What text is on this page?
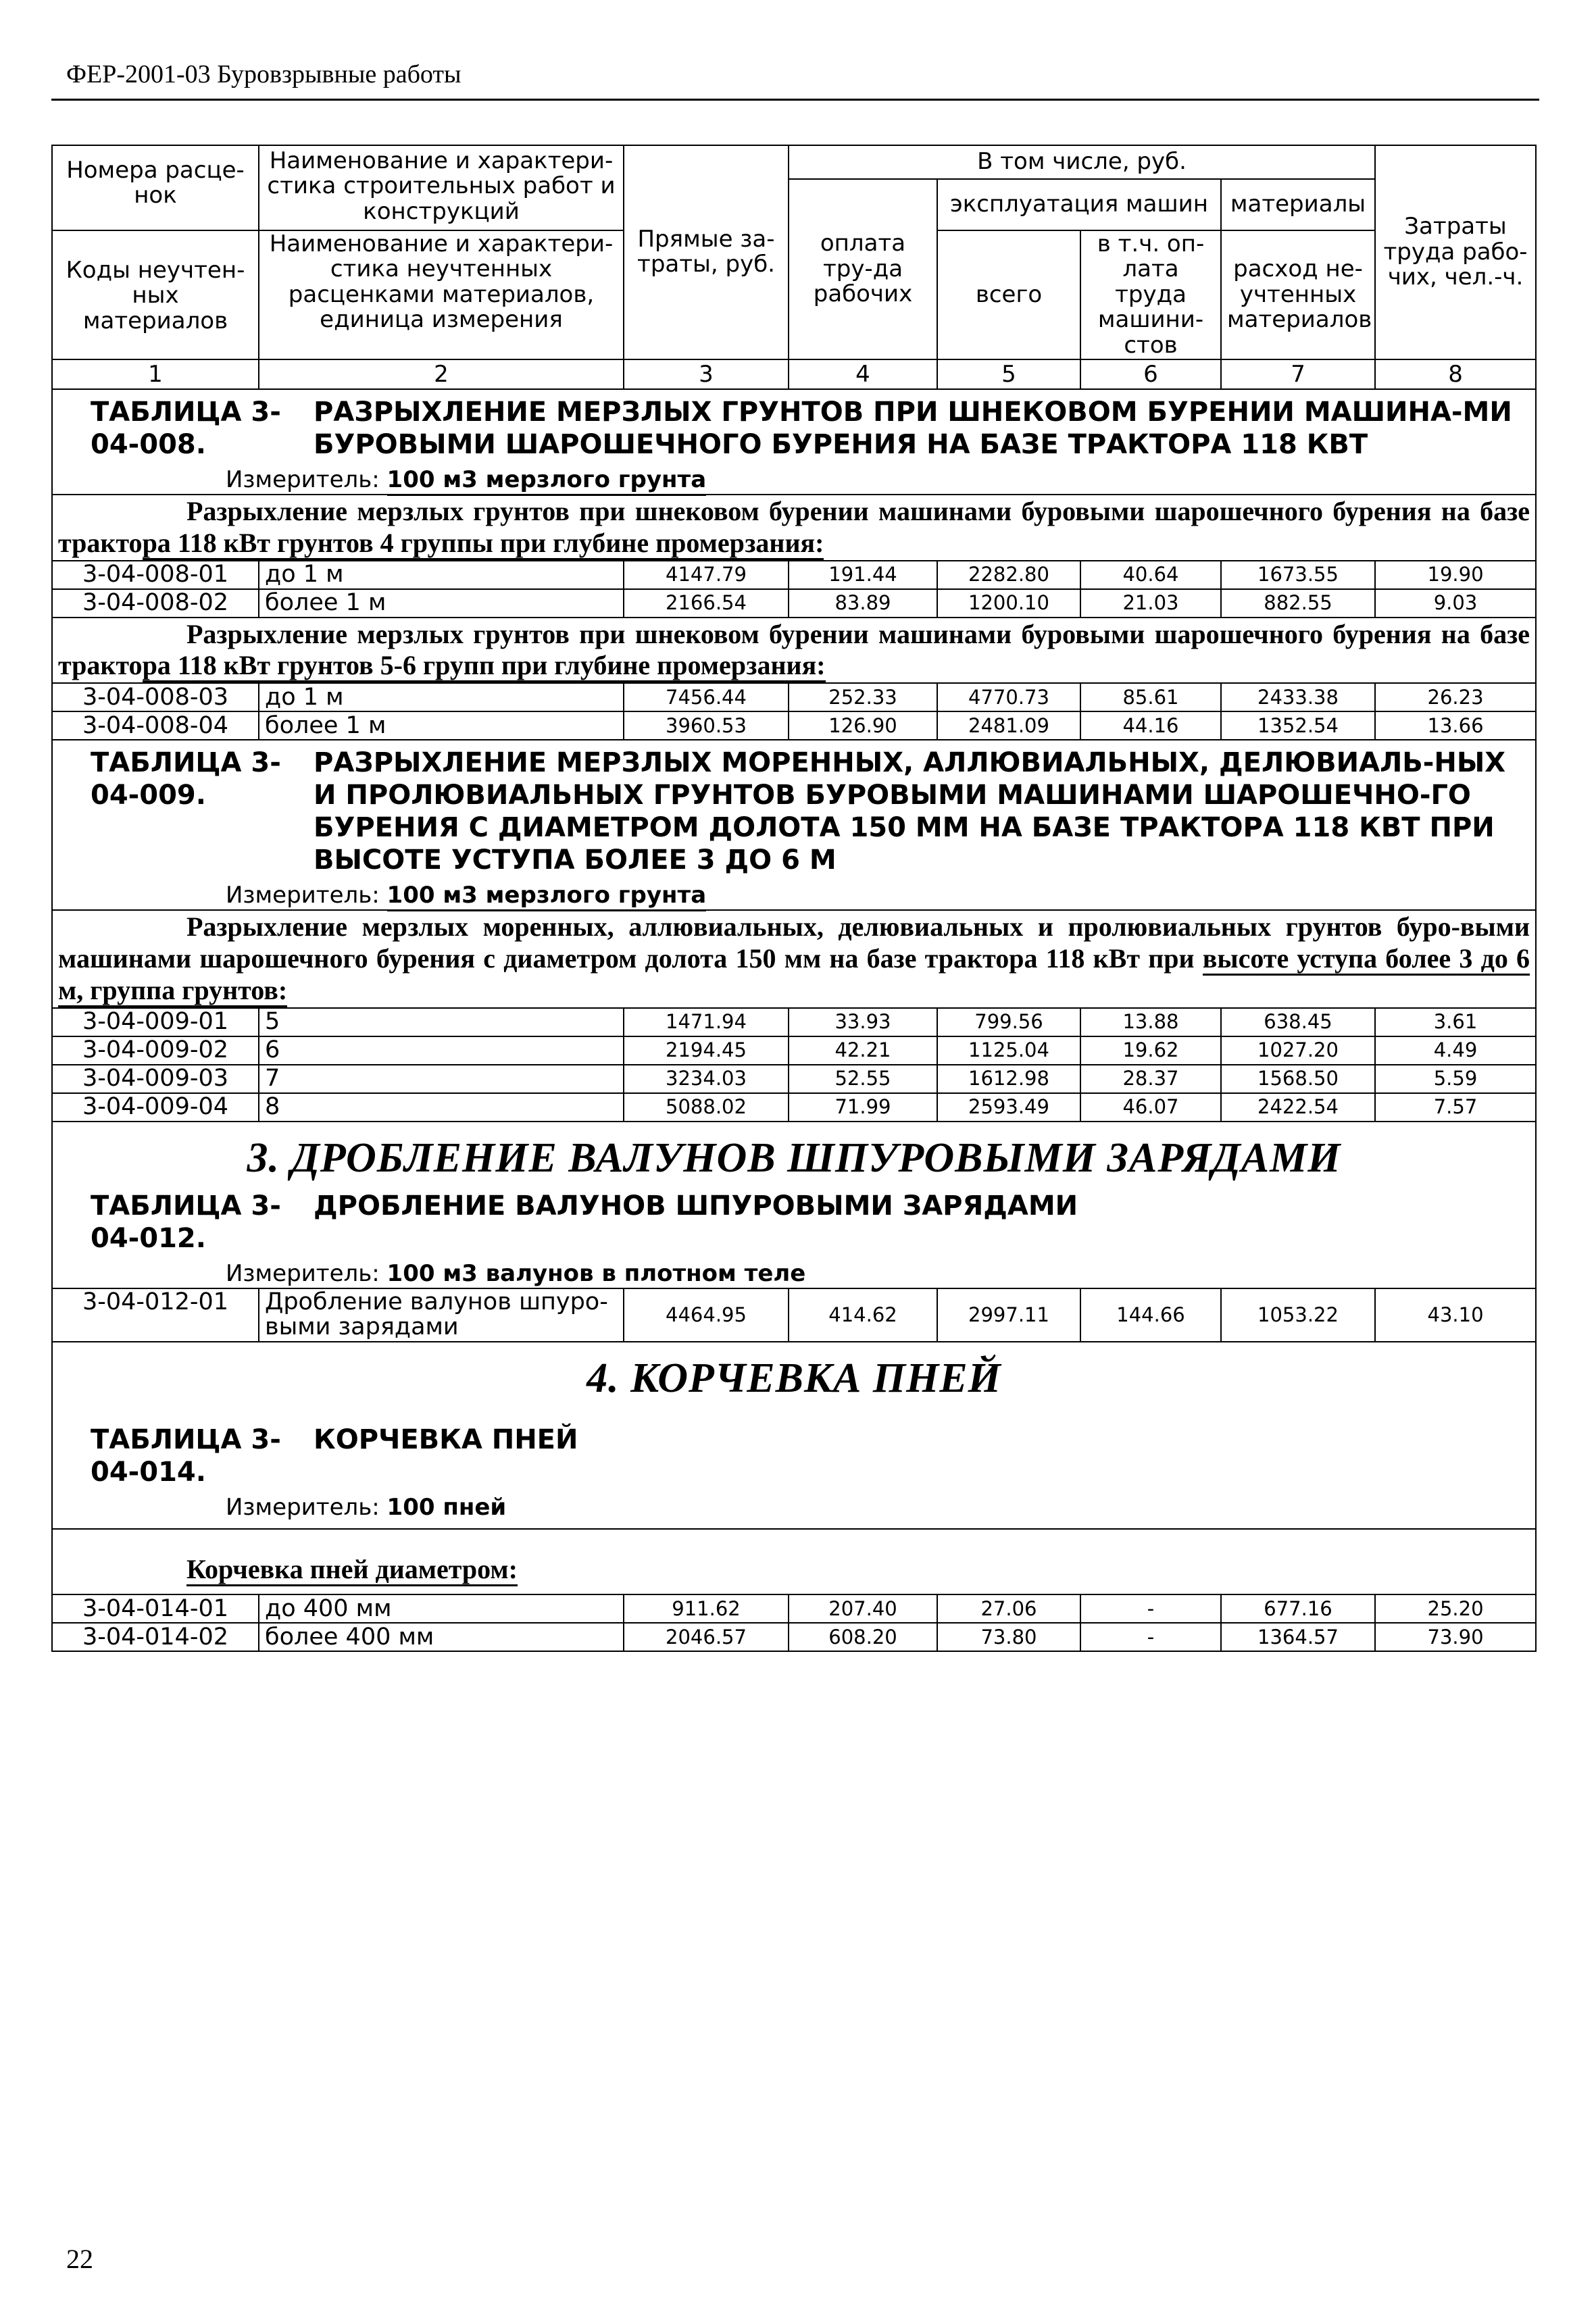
ФЕР-2001-03 Буровзрывные работы
Номера расце-нок	Наименование и характери-стика строительных работ и конструкций	Прямые за-траты, руб.	В том числе, руб.				Затраты труда рабо-чих, чел.-ч.
			оплата тру-да рабочих	эксплуатация машин		материалы	
				всего	в т.ч. оп-лата труда машини-стов	расход не-учтенных материалов	
Коды неучтен-ных материалов	Наименование и характери-стика неучтенных расценками материалов, единица измерения						

1	2	3	4	5	6	7	8

ТАБЛИЦА 3-04-008.
РАЗРЫХЛЕНИЕ МЕРЗЛЫХ ГРУНТОВ ПРИ ШНЕКОВОМ БУРЕНИИ МАШИНА-МИ БУРОВЫМИ ШАРОШЕЧНОГО БУРЕНИЯ НА БАЗЕ ТРАКТОРА 118 КВТ
Измеритель: 100 м3 мерзлого грунта							

Разрыхление мерзлых грунтов при шнековом бурении машинами буровыми шарошечного бурения на базе трактора 118 кВт грунтов 4 группы при глубине промерзания:							

3-04-008-01	до 1 м	4147.79	191.44	2282.80	40.64	1673.55	19.90
3-04-008-02	более 1 м	2166.54	83.89	1200.10	21.03	882.55	9.03

Разрыхление мерзлых грунтов при шнековом бурении машинами буровыми шарошечного бурения на базе трактора 118 кВт грунтов 5-6 групп при глубине промерзания:							

3-04-008-03	до 1 м	7456.44	252.33	4770.73	85.61	2433.38	26.23
3-04-008-04	более 1 м	3960.53	126.90	2481.09	44.16	1352.54	13.66

ТАБЛИЦА 3-04-009.
РАЗРЫХЛЕНИЕ МЕРЗЛЫХ МОРЕННЫХ, АЛЛЮВИАЛЬНЫХ, ДЕЛЮВИАЛЬ-НЫХ И ПРОЛЮВИАЛЬНЫХ ГРУНТОВ БУРОВЫМИ МАШИНАМИ ШАРОШЕЧНО-ГО БУРЕНИЯ С ДИАМЕТРОМ ДОЛОТА 150 ММ НА БАЗЕ ТРАКТОРА 118 КВТ ПРИ ВЫСОТЕ УСТУПА БОЛЕЕ 3 ДО 6 М
Измеритель: 100 м3 мерзлого грунта							

Разрыхление мерзлых моренных, аллювиальных, делювиальных и пролювиальных грунтов буро-выми машинами шарошечного бурения с диаметром долота 150 мм на базе трактора 118 кВт при высоте уступа более 3 до 6 м, группа грунтов:							

3-04-009-01	5	1471.94	33.93	799.56	13.88	638.45	3.61
3-04-009-02	6	2194.45	42.21	1125.04	19.62	1027.20	4.49
3-04-009-03	7	3234.03	52.55	1612.98	28.37	1568.50	5.59
3-04-009-04	8	5088.02	71.99	2593.49	46.07	2422.54	7.57

3. ДРОБЛЕНИЕ ВАЛУНОВ ШПУРОВЫМИ ЗАРЯДАМИ
ТАБЛИЦА 3-04-012.
ДРОБЛЕНИЕ ВАЛУНОВ ШПУРОВЫМИ ЗАРЯДАМИ
Измеритель: 100 м3 валунов в плотном теле							

3-04-012-01	Дробление валунов шпуро-выми зарядами	4464.95	414.62	2997.11	144.66	1053.22	43.10

4. КОРЧЕВКА ПНЕЙ
ТАБЛИЦА 3-04-014.
КОРЧЕВКА ПНЕЙ
Измеритель: 100 пней							

Корчевка пней диаметром:							

3-04-014-01	до 400 мм	911.62	207.40	27.06	-	677.16	25.20
3-04-014-02	более 400 мм	2046.57	608.20	73.80	-	1364.57	73.90
22
